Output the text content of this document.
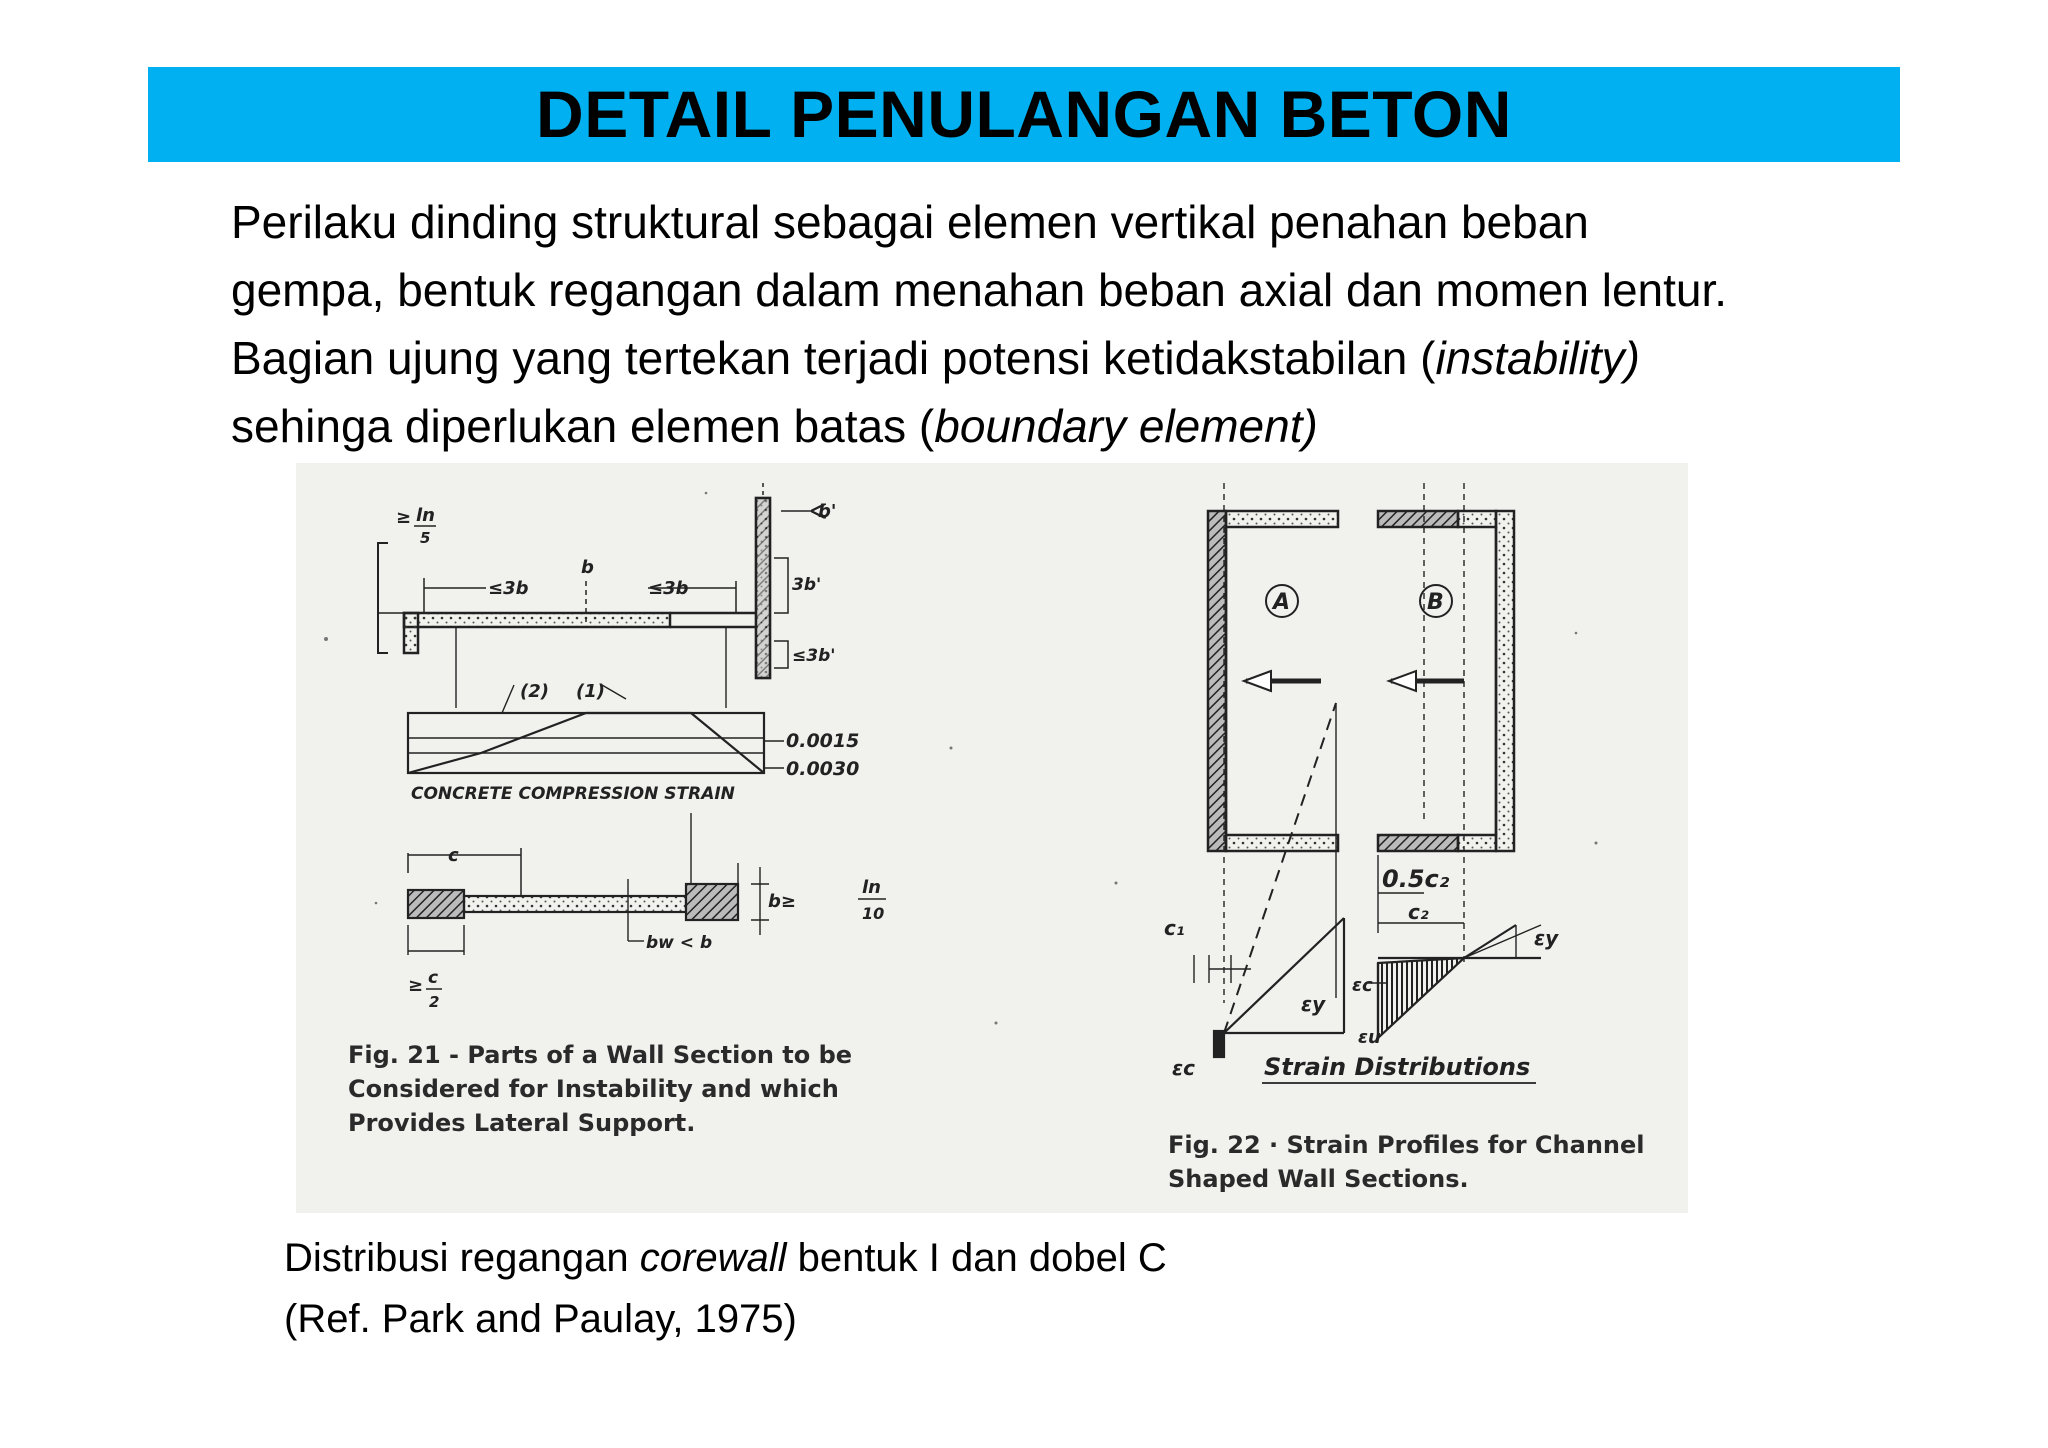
DETAIL PENULANGAN BETON

Perilaku dinding struktural sebagai elemen vertikal penahan beban

gempa, bentuk regangan dalam menahan beban axial dan momen lentur.

Bagian ujung yang tertekan terjadi potensi ketidakstabilan (instability)

sehinga diperlukan elemen batas (boundary element)

≥ ln
5
≤3b
b
≤3b
b'
3b'
≤3b'
(2) (1)
0.0015
0.0030
CONCRETE COMPRESSION STRAIN
c
≥ c
2
bw < b
b≥
ln
10
Fig. 21 - Parts of a Wall Section to be
Considered for Instability and which
Provides Lateral Support.
A	B
0.5c₂
c₂
c₁
εy
εc
εc
εu
εy
Strain Distributions
Fig. 22 · Strain Profiles for Channel
Shaped Wall Sections.

Distribusi regangan corewall bentuk I dan dobel C

(Ref. Park and Paulay, 1975)
